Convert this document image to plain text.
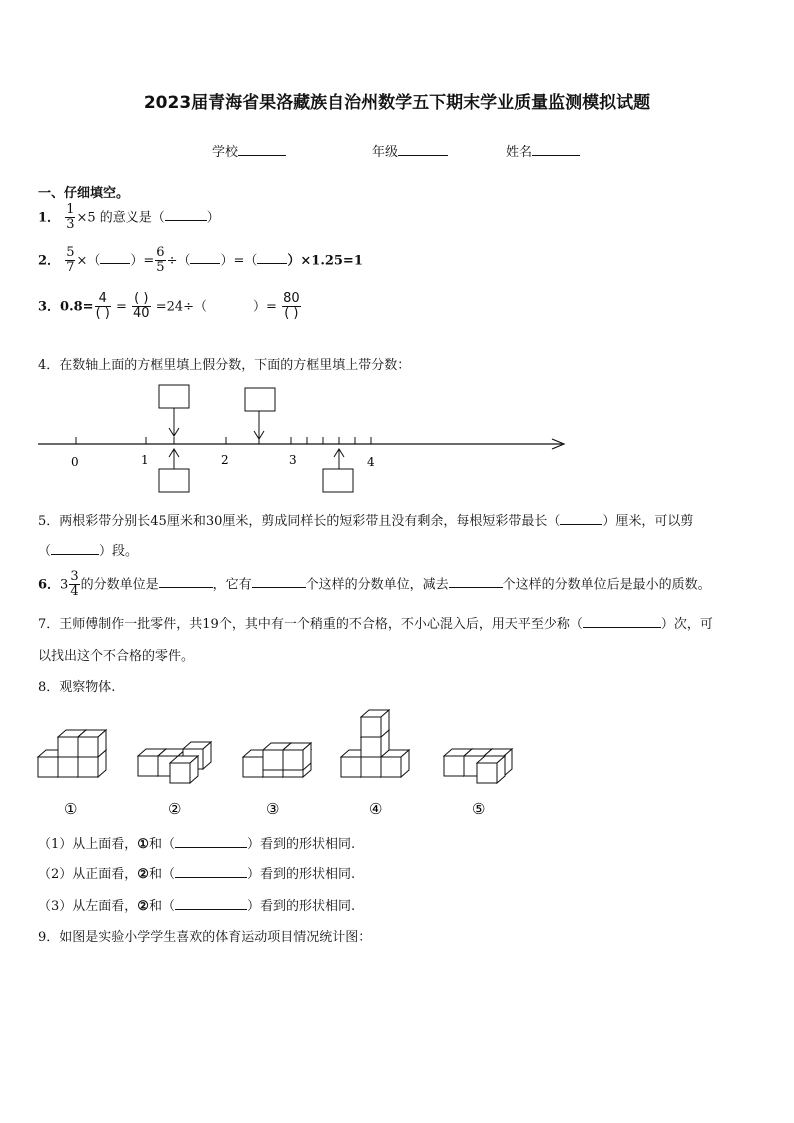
2023届青海省果洛藏族自治州数学五下期末学业质量监测模拟试题
学校	年级	姓名
一、仔细填空。
1． $\frac{1}{3} \times 5$ 的意义是（	）
2． $\frac{5}{7}$ ×（ ）= $\frac{6}{5}$ ÷（ ）=（ ）×1.25=1
3．$0.8= \frac{4}{( )} = \frac{( )}{40} =24\div$（	）= $\frac{80}{( )}$
4．在数轴上面的方框里填上假分数，下面的方框里填上带分数：
0	1	2	3	4
5．两根彩带分别长45厘米和30厘米，剪成同样长的短彩带且没有剩余，每根短彩带最长（	）厘米，可以剪
（	）段。
6．$3 \frac{3}{4}$ 的分数单位是	，它有	个这样的分数单位，减去	个这样的分数单位后是最小的质数。
7．王师傅制作一批零件，共19个，其中有一个稍重的不合格，不小心混入后，用天平至少称（	）次，可
以找出这个不合格的零件。
8．观察物体.
①	②	③	④	⑤
（1）从上面看，①和（	）看到的形状相同.
（2）从正面看，②和（	）看到的形状相同.
（3）从左面看，②和（	）看到的形状相同.
9．如图是实验小学学生喜欢的体育运动项目情况统计图：
